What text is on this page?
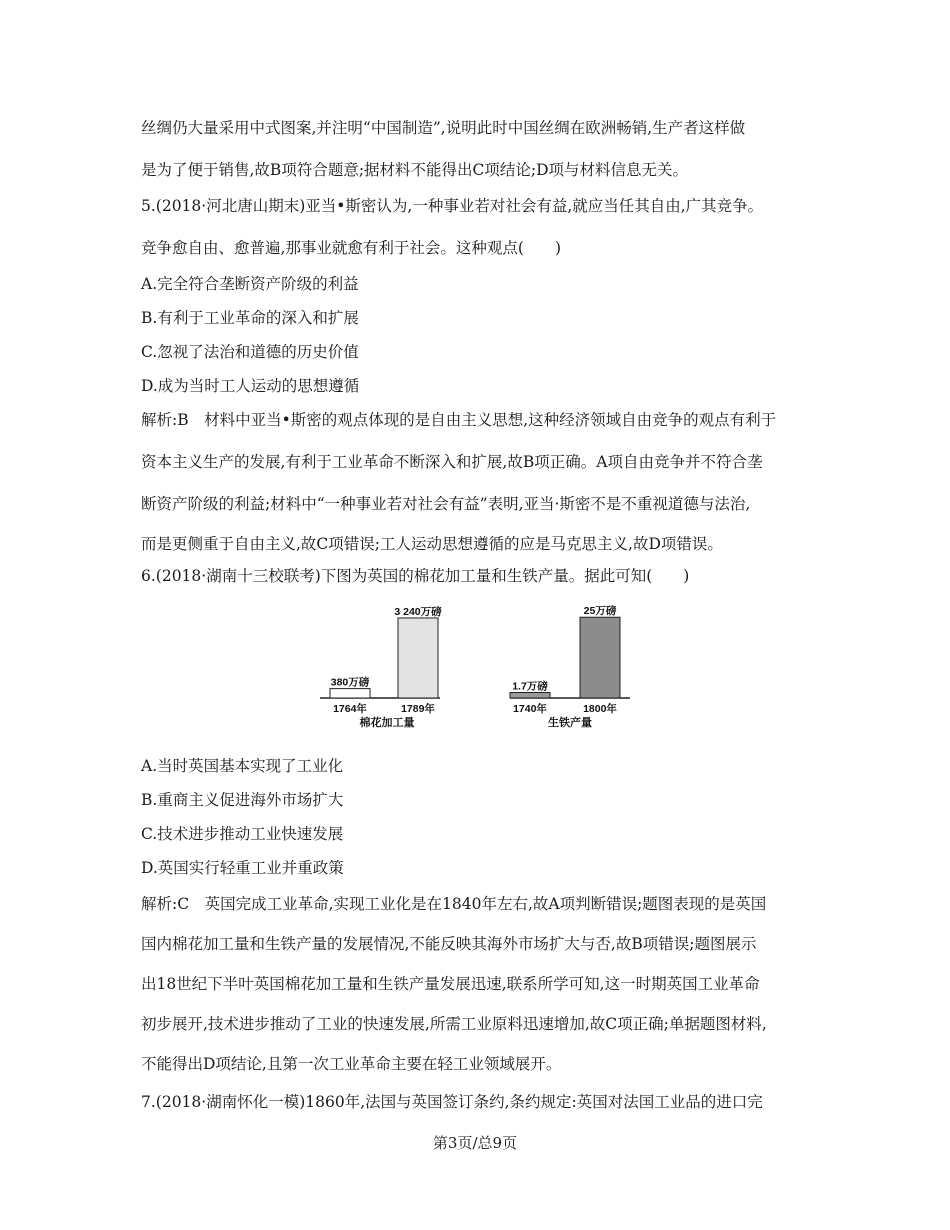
丝绸仍大量采用中式图案,并注明“中国制造”,说明此时中国丝绸在欧洲畅销,生产者这样做
是为了便于销售,故B项符合题意;据材料不能得出C项结论;D项与材料信息无关。
5.(2018·河北唐山期末)亚当•斯密认为,一种事业若对社会有益,就应当任其自由,广其竞争。
竞争愈自由、愈普遍,那事业就愈有利于社会。这种观点(　　)
A.完全符合垄断资产阶级的利益
B.有利于工业革命的深入和扩展
C.忽视了法治和道德的历史价值
D.成为当时工人运动的思想遵循
解析:B　材料中亚当•斯密的观点体现的是自由主义思想,这种经济领域自由竞争的观点有利于
资本主义生产的发展,有利于工业革命不断深入和扩展,故B项正确。A项自由竞争并不符合垄
断资产阶级的利益;材料中“一种事业若对社会有益”表明,亚当·斯密不是不重视道德与法治,
而是更侧重于自由主义,故C项错误;工人运动思想遵循的应是马克思主义,故D项错误。
6.(2018·湖南十三校联考)下图为英国的棉花加工量和生铁产量。据此可知(　　)
380万磅
1764年
3 240万磅
1789年
棉花加工量
1.7万磅
1740年
25万磅
1800年
生铁产量
A.当时英国基本实现了工业化
B.重商主义促进海外市场扩大
C.技术进步推动工业快速发展
D.英国实行轻重工业并重政策
解析:C　英国完成工业革命,实现工业化是在1840年左右,故A项判断错误;题图表现的是英国
国内棉花加工量和生铁产量的发展情况,不能反映其海外市场扩大与否,故B项错误;题图展示
出18世纪下半叶英国棉花加工量和生铁产量发展迅速,联系所学可知,这一时期英国工业革命
初步展开,技术进步推动了工业的快速发展,所需工业原料迅速增加,故C项正确;单据题图材料,
不能得出D项结论,且第一次工业革命主要在轻工业领域展开。
7.(2018·湖南怀化一模)1860年,法国与英国签订条约,条约规定:英国对法国工业品的进口完
第3页/总9页
